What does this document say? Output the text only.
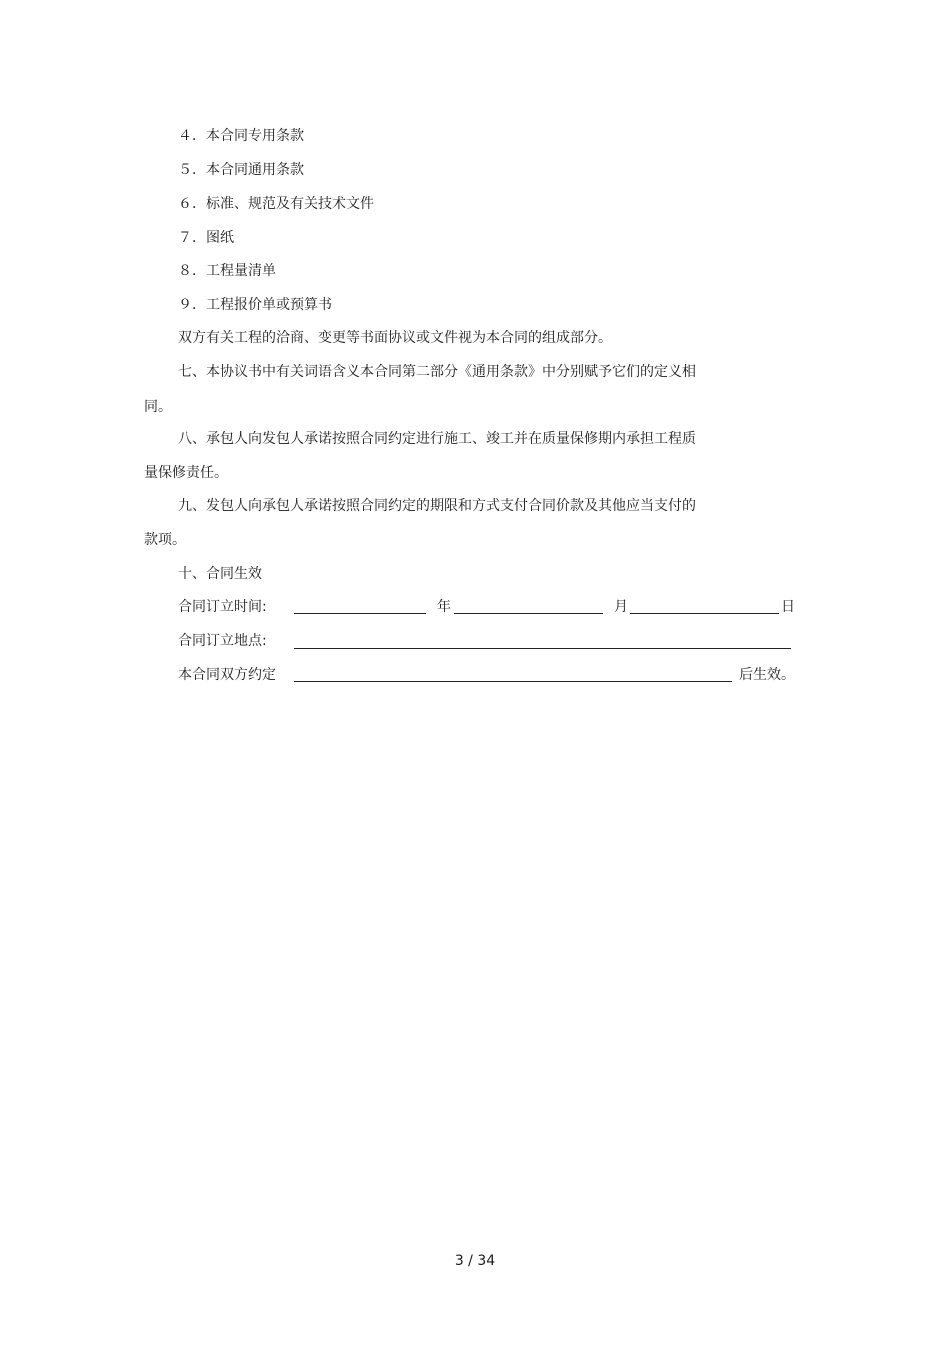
４．本合同专用条款
５．本合同通用条款
６．标准、规范及有关技术文件
７．图纸
８．工程量清单
９．工程报价单或预算书
双方有关工程的洽商、变更等书面协议或文件视为本合同的组成部分。
七、本协议书中有关词语含义本合同第二部分《通用条款》中分别赋予它们的定义相
同。
八、承包人向发包人承诺按照合同约定进行施工、竣工并在质量保修期内承担工程质
量保修责任。
九、发包人向承包人承诺按照合同约定的期限和方式支付合同价款及其他应当支付的
款项。
十、合同生效
合同订立时间:	年	月	日
合同订立地点:
本合同双方约定	后生效。
3 / 34
